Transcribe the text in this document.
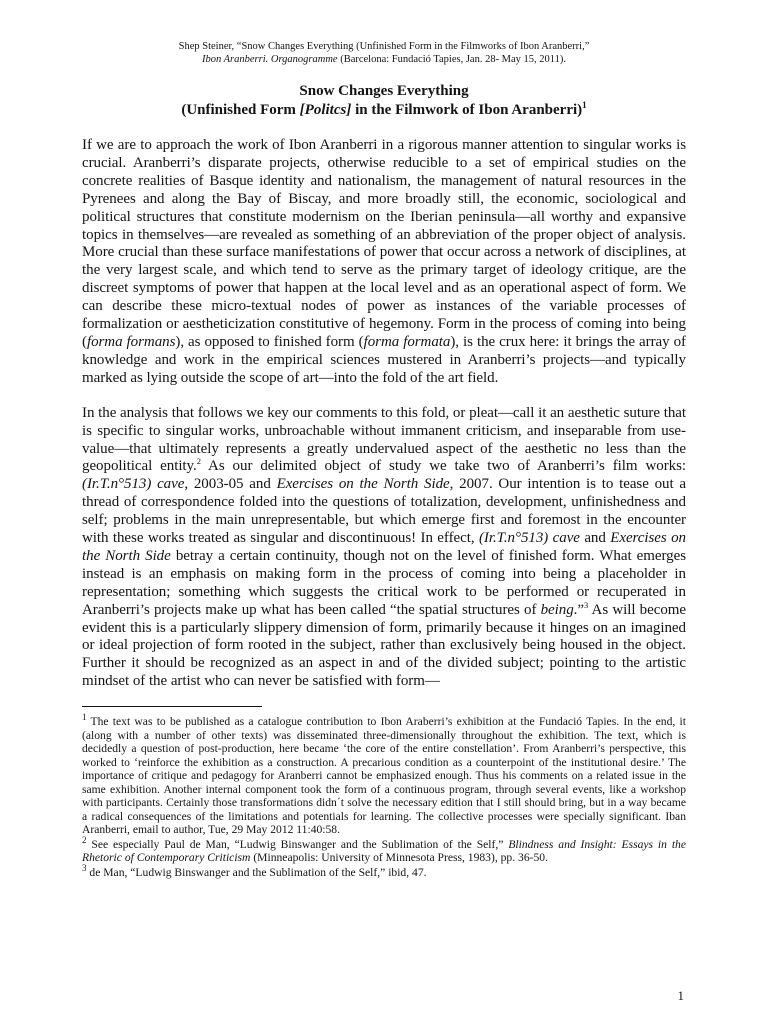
Shep Steiner, “Snow Changes Everything (Unfinished Form in the Filmworks of Ibon Aranberri,”
Ibon Aranberri. Organogramme (Barcelona: Fundació Tapies, Jan. 28- May 15, 2011).
Snow Changes Everything
(Unfinished Form [Politcs] in the Filmwork of Ibon Aranberri)$^1$

If we are to approach the work of Ibon Aranberri in a rigorous manner attention to singular works is crucial. Aranberri’s disparate projects, otherwise reducible to a set of empirical studies on the concrete realities of Basque identity and nationalism, the management of natural resources in the Pyrenees and along the Bay of Biscay, and more broadly still, the economic, sociological and political structures that constitute modernism on the Iberian peninsula—all worthy and expansive topics in themselves—are revealed as something of an abbreviation of the proper object of analysis. More crucial than these surface manifestations of power that occur across a network of disciplines, at the very largest scale, and which tend to serve as the primary target of ideology critique, are the discreet symptoms of power that happen at the local level and as an operational aspect of form. We can describe these micro-textual nodes of power as instances of the variable processes of formalization or aestheticization constitutive of hegemony. Form in the process of coming into being (forma formans), as opposed to finished form (forma formata), is the crux here: it brings the array of knowledge and work in the empirical sciences mustered in Aranberri’s projects—and typically marked as lying outside the scope of art—into the fold of the art field.

In the analysis that follows we key our comments to this fold, or pleat—call it an aesthetic suture that is specific to singular works, unbroachable without immanent criticism, and inseparable from use-value—that ultimately represents a greatly undervalued aspect of the aesthetic no less than the geopolitical entity.$^2$ As our delimited object of study we take two of Aranberri’s film works: (Ir.T.n°513) cave, 2003-05 and Exercises on the North Side, 2007. Our intention is to tease out a thread of correspondence folded into the questions of totalization, development, unfinishedness and self; problems in the main unrepresentable, but which emerge first and foremost in the encounter with these works treated as singular and discontinuous! In effect, (Ir.T.n°513) cave and Exercises on the North Side betray a certain continuity, though not on the level of finished form. What emerges instead is an emphasis on making form in the process of coming into being a placeholder in representation; something which suggests the critical work to be performed or recuperated in Aranberri’s projects make up what has been called “the spatial structures of being.”$^3$ As will become evident this is a particularly slippery dimension of form, primarily because it hinges on an imagined or ideal projection of form rooted in the subject, rather than exclusively being housed in the object. Further it should be recognized as an aspect in and of the divided subject; pointing to the artistic mindset of the artist who can never be satisfied with form—

$^1$ The text was to be published as a catalogue contribution to Ibon Araberri’s exhibition at the Fundació Tapies. In the end, it (along with a number of other texts) was disseminated three-dimensionally throughout the exhibition. The text, which is decidedly a question of post-production, here became ‘the core of the entire constellation’. From Aranberri’s perspective, this worked to ‘reinforce the exhibition as a construction. A precarious condition as a counterpoint of the institutional desire.’ The importance of critique and pedagogy for Aranberri cannot be emphasized enough. Thus his comments on a related issue in the same exhibition. Another internal component took the form of a continuous program, through several events, like a workshop with participants. Certainly those transformations didn´t solve the necessary edition that I still should bring, but in a way became a radical consequences of the limitations and potentials for learning. The collective processes were specially significant. Iban Aranberri, email to author, Tue, 29 May 2012 11:40:58.

$^2$ See especially Paul de Man, “Ludwig Binswanger and the Sublimation of the Self,” Blindness and Insight: Essays in the Rhetoric of Contemporary Criticism (Minneapolis: University of Minnesota Press, 1983), pp. 36-50.

$^3$ de Man, “Ludwig Binswanger and the Sublimation of the Self,” ibid, 47.

1
